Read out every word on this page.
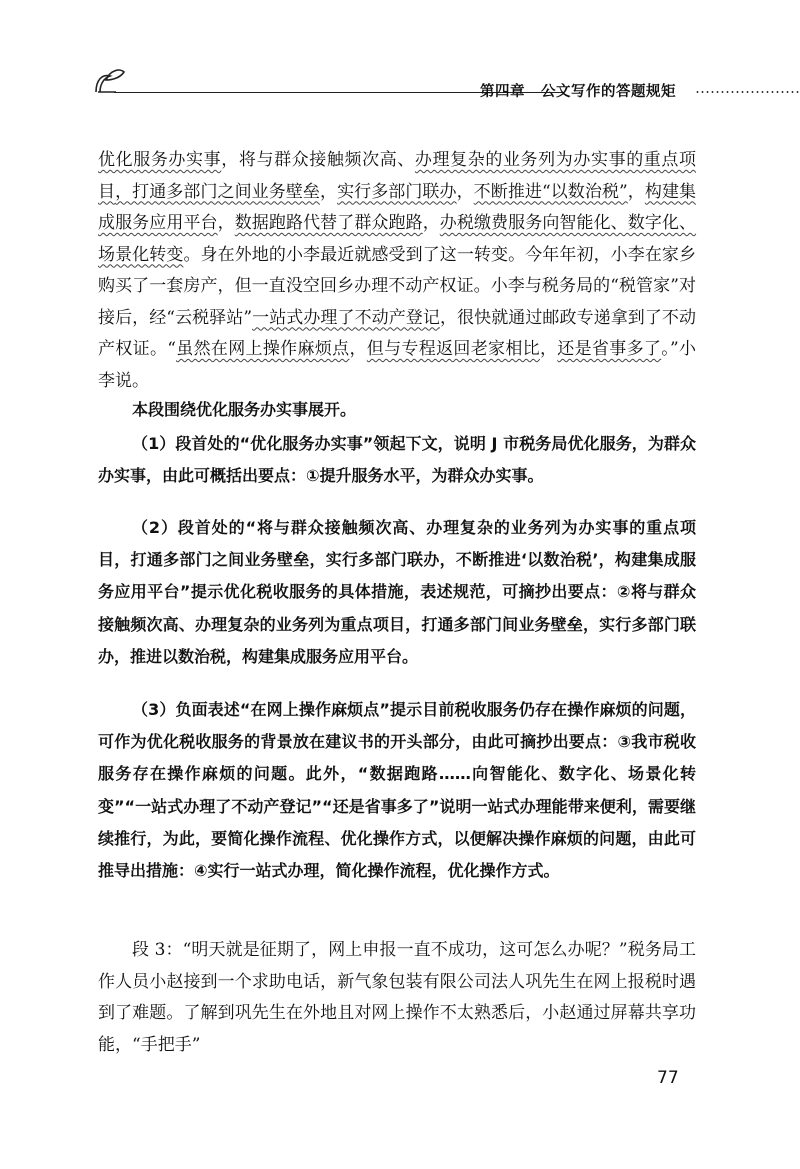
第四章 公文写作的答题规矩
优化服务办实事，将与群众接触频次高、办理复杂的业务列为办实事的重点项目，打通多部门之间业务壁垒，实行多部门联办，不断推进“以数治税”，构建集成服务应用平台，数据跑路代替了群众跑路，办税缴费服务向智能化、数字化、场景化转变。身在外地的小李最近就感受到了这一转变。今年年初，小李在家乡购买了一套房产，但一直没空回乡办理不动产权证。小李与税务局的“税管家”对接后，经“云税驿站”一站式办理了不动产登记，很快就通过邮政专递拿到了不动产权证。“虽然在网上操作麻烦点，但与专程返回老家相比，还是省事多了。”小李说。
本段围绕优化服务办实事展开。
（1）段首处的“优化服务办实事”领起下文，说明 J 市税务局优化服务，为群众办实事，由此可概括出要点：①提升服务水平，为群众办实事。
（2）段首处的“将与群众接触频次高、办理复杂的业务列为办实事的重点项目，打通多部门之间业务壁垒，实行多部门联办，不断推进‘以数治税’，构建集成服务应用平台”提示优化税收服务的具体措施，表述规范，可摘抄出要点：②将与群众接触频次高、办理复杂的业务列为重点项目，打通多部门间业务壁垒，实行多部门联办，推进以数治税，构建集成服务应用平台。
（3）负面表述“在网上操作麻烦点”提示目前税收服务仍存在操作麻烦的问题，可作为优化税收服务的背景放在建议书的开头部分，由此可摘抄出要点：③我市税收服务存在操作麻烦的问题。此外，“数据跑路……向智能化、数字化、场景化转变”“一站式办理了不动产登记”“还是省事多了”说明一站式办理能带来便利，需要继续推行，为此，要简化操作流程、优化操作方式，以便解决操作麻烦的问题，由此可推导出措施：④实行一站式办理，简化操作流程，优化操作方式。
段 3：“明天就是征期了，网上申报一直不成功，这可怎么办呢？”税务局工作人员小赵接到一个求助电话，新气象包装有限公司法人巩先生在网上报税时遇到了难题。了解到巩先生在外地且对网上操作不太熟悉后，小赵通过屏幕共享功能，“手把手”
77
